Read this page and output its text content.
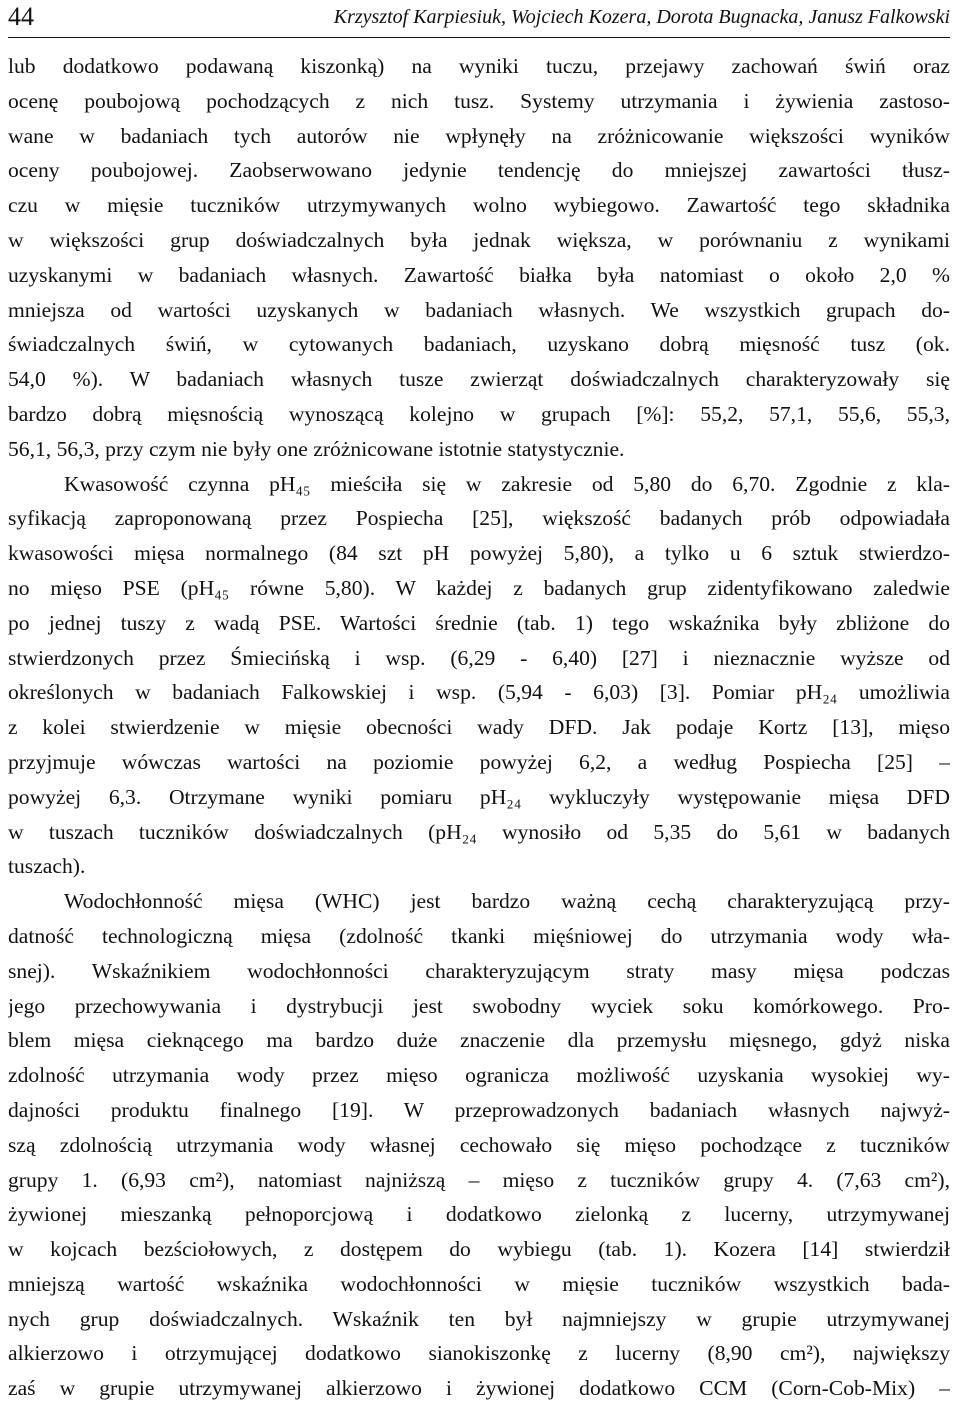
44	Krzysztof Karpiesiuk, Wojciech Kozera, Dorota Bugnacka, Janusz Falkowski
lub dodatkowo podawaną kiszonką) na wyniki tuczu, przejawy zachowań świń oraz
ocenę poubojową pochodzących z nich tusz. Systemy utrzymania i żywienia zastoso-
wane w badaniach tych autorów nie wpłynęły na zróżnicowanie większości wyników
oceny poubojowej. Zaobserwowano jedynie tendencję do mniejszej zawartości tłusz-
czu w mięsie tuczników utrzymywanych wolno wybiegowo. Zawartość tego składnika
w większości grup doświadczalnych była jednak większa, w porównaniu z wynikami
uzyskanymi w badaniach własnych. Zawartość białka była natomiast o około 2,0 %
mniejsza od wartości uzyskanych w badaniach własnych. We wszystkich grupach do-
świadczalnych świń, w cytowanych badaniach, uzyskano dobrą mięsność tusz (ok.
54,0 %). W badaniach własnych tusze zwierząt doświadczalnych charakteryzowały się
bardzo dobrą mięsnością wynoszącą kolejno w grupach [%]: 55,2, 57,1, 55,6, 55,3,
56,1, 56,3, przy czym nie były one zróżnicowane istotnie statystycznie.
Kwasowość czynna pH₄₅ mieściła się w zakresie od 5,80 do 6,70. Zgodnie z kla-
syfikacją zaproponowaną przez Pospiecha [25], większość badanych prób odpowiadała
kwasowości mięsa normalnego (84 szt pH powyżej 5,80), a tylko u 6 sztuk stwierdzo-
no mięso PSE (pH₄₅ równe 5,80). W każdej z badanych grup zidentyfikowano zaledwie
po jednej tuszy z wadą PSE. Wartości średnie (tab. 1) tego wskaźnika były zbliżone do
stwierdzonych przez Śmiecińską i wsp. (6,29 - 6,40) [27] i nieznacznie wyższe od
określonych w badaniach Falkowskiej i wsp. (5,94 - 6,03) [3]. Pomiar pH₂₄ umożliwia
z kolei stwierdzenie w mięsie obecności wady DFD. Jak podaje Kortz [13], mięso
przyjmuje wówczas wartości na poziomie powyżej 6,2, a według Pospiecha [25] –
powyżej 6,3. Otrzymane wyniki pomiaru pH₂₄ wykluczyły występowanie mięsa DFD
w tuszach tuczników doświadczalnych (pH₂₄ wynosiło od 5,35 do 5,61 w badanych
tuszach).
Wodochłonność mięsa (WHC) jest bardzo ważną cechą charakteryzującą przy-
datność technologiczną mięsa (zdolność tkanki mięśniowej do utrzymania wody wła-
snej). Wskaźnikiem wodochłonności charakteryzującym straty masy mięsa podczas
jego przechowywania i dystrybucji jest swobodny wyciek soku komórkowego. Pro-
blem mięsa cieknącego ma bardzo duże znaczenie dla przemysłu mięsnego, gdyż niska
zdolność utrzymania wody przez mięso ogranicza możliwość uzyskania wysokiej wy-
dajności produktu finalnego [19]. W przeprowadzonych badaniach własnych najwyż-
szą zdolnością utrzymania wody własnej cechowało się mięso pochodzące z tuczników
grupy 1. (6,93 cm²), natomiast najniższą – mięso z tuczników grupy 4. (7,63 cm²),
żywionej mieszanką pełnoporcjową i dodatkowo zielonką z lucerny, utrzymywanej
w kojcach bezściołowych, z dostępem do wybiegu (tab. 1). Kozera [14] stwierdził
mniejszą wartość wskaźnika wodochłonności w mięsie tuczników wszystkich bada-
nych grup doświadczalnych. Wskaźnik ten był najmniejszy w grupie utrzymywanej
alkierzowo i otrzymującej dodatkowo sianokiszonkę z lucerny (8,90 cm²), największy
zaś w grupie utrzymywanej alkierzowo i żywionej dodatkowo CCM (Corn-Cob-Mix) –
